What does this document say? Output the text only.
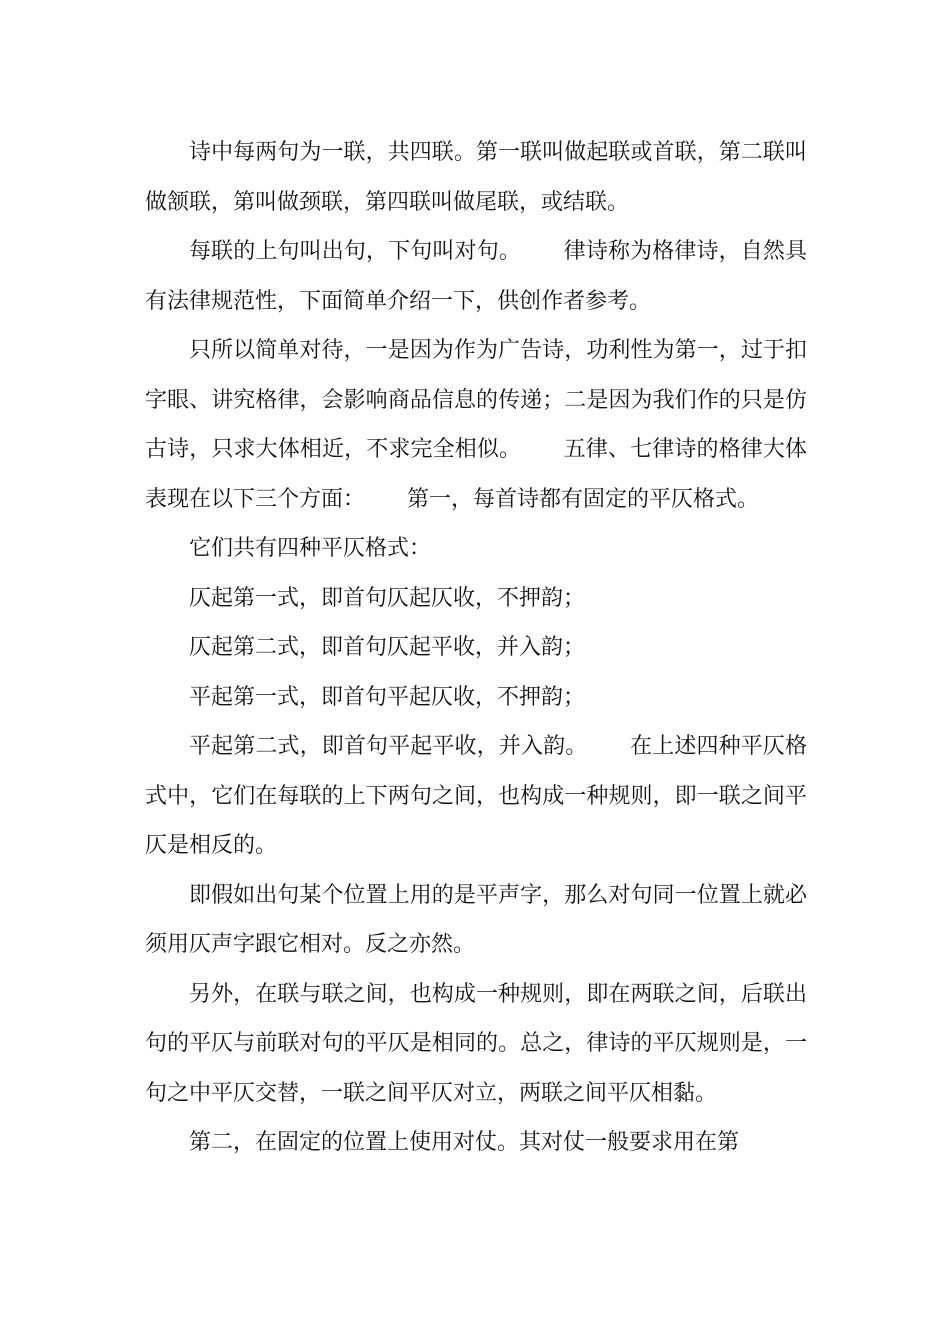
诗中每两句为一联，共四联。第一联叫做起联或首联，第二联叫做颔联，第叫做颈联，第四联叫做尾联，或结联。

每联的上句叫出句，下句叫对句。      律诗称为格律诗，自然具有法律规范性，下面简单介绍一下，供创作者参考。

只所以简单对待，一是因为作为广告诗，功利性为第一，过于扣字眼、讲究格律，会影响商品信息的传递；二是因为我们作的只是仿古诗，只求大体相近，不求完全相似。      五律、七律诗的格律大体表现在以下三个方面：      第一，每首诗都有固定的平仄格式。

它们共有四种平仄格式：

仄起第一式，即首句仄起仄收，不押韵；

仄起第二式，即首句仄起平收，并入韵；

平起第一式，即首句平起仄收，不押韵；

平起第二式，即首句平起平收，并入韵。      在上述四种平仄格式中，它们在每联的上下两句之间，也构成一种规则，即一联之间平仄是相反的。

即假如出句某个位置上用的是平声字，那么对句同一位置上就必须用仄声字跟它相对。反之亦然。

另外，在联与联之间，也构成一种规则，即在两联之间，后联出句的平仄与前联对句的平仄是相同的。总之，律诗的平仄规则是，一句之中平仄交替，一联之间平仄对立，两联之间平仄相黏。

第二，在固定的位置上使用对仗。其对仗一般要求用在第
